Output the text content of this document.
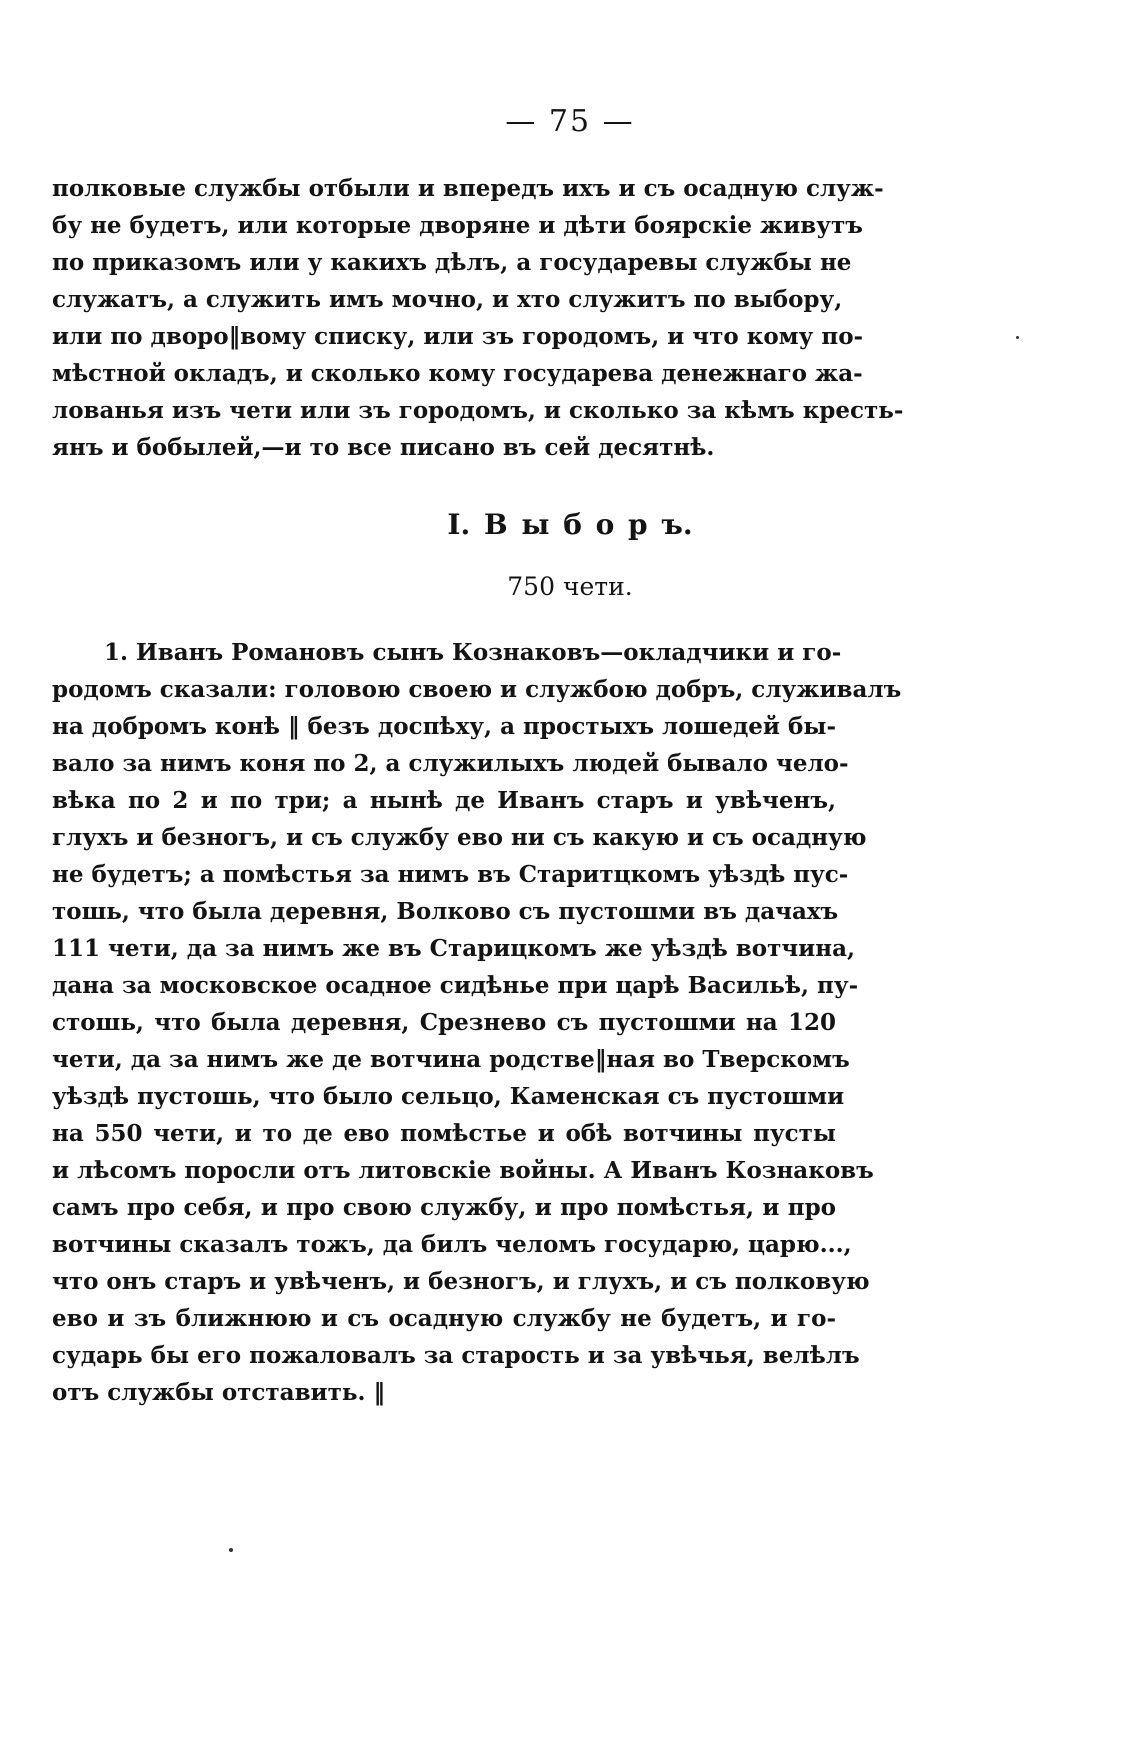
— 75 —
полковые службы отбыли и впередъ ихъ и съ осадную служ-
бу не будетъ, или которые дворяне и дѣти боярскіе живутъ
по приказомъ или у какихъ дѣлъ, а государевы службы не
служатъ, а служить имъ мочно, и хто служитъ по выбору,
или по дворо‖вому списку, или зъ городомъ, и что кому по-
мѣстной окладъ, и сколько кому государева денежнаго жа-
лованья изъ чети или зъ городомъ, и сколько за кѣмъ кресть-
янъ и бобылей,—и то все писано въ сей десятнѣ.
I. В ы б о р ъ.
750 чети.
1. Иванъ Романовъ сынъ Кознаковъ—окладчики и го-
родомъ сказали: головою своею и службою добръ, служивалъ
на добромъ конѣ ‖ безъ доспѣху, а простыхъ лошедей бы-
вало за нимъ коня по 2, а служилыхъ людей бывало чело-
вѣка по 2 и по три; а нынѣ де Иванъ старъ и увѣченъ,
глухъ и безногъ, и съ службу ево ни съ какую и съ осадную
не будетъ; а помѣстья за нимъ въ Старитцкомъ уѣздѣ пус-
тошь, что была деревня, Волково съ пустошми въ дачахъ
111 чети, да за нимъ же въ Старицкомъ же уѣздѣ вотчина,
дана за московское осадное сидѣнье при царѣ Васильѣ, пу-
стошь, что была деревня, Срезнево съ пустошми на 120
чети, да за нимъ же де вотчина родстве‖ная во Тверскомъ
уѣздѣ пустошь, что было сельцо, Каменская съ пустошми
на 550 чети, и то де ево помѣстье и обѣ вотчины пусты
и лѣсомъ поросли отъ литовскіе войны. А Иванъ Кознаковъ
самъ про себя, и про свою службу, и про помѣстья, и про
вотчины сказалъ тожъ, да билъ челомъ государю, царю...,
что онъ старъ и увѣченъ, и безногъ, и глухъ, и съ полковую
ево и зъ ближнюю и съ осадную службу не будетъ, и го-
сударь бы его пожаловалъ за старость и за увѣчья, велѣлъ
отъ службы отставить. ‖
